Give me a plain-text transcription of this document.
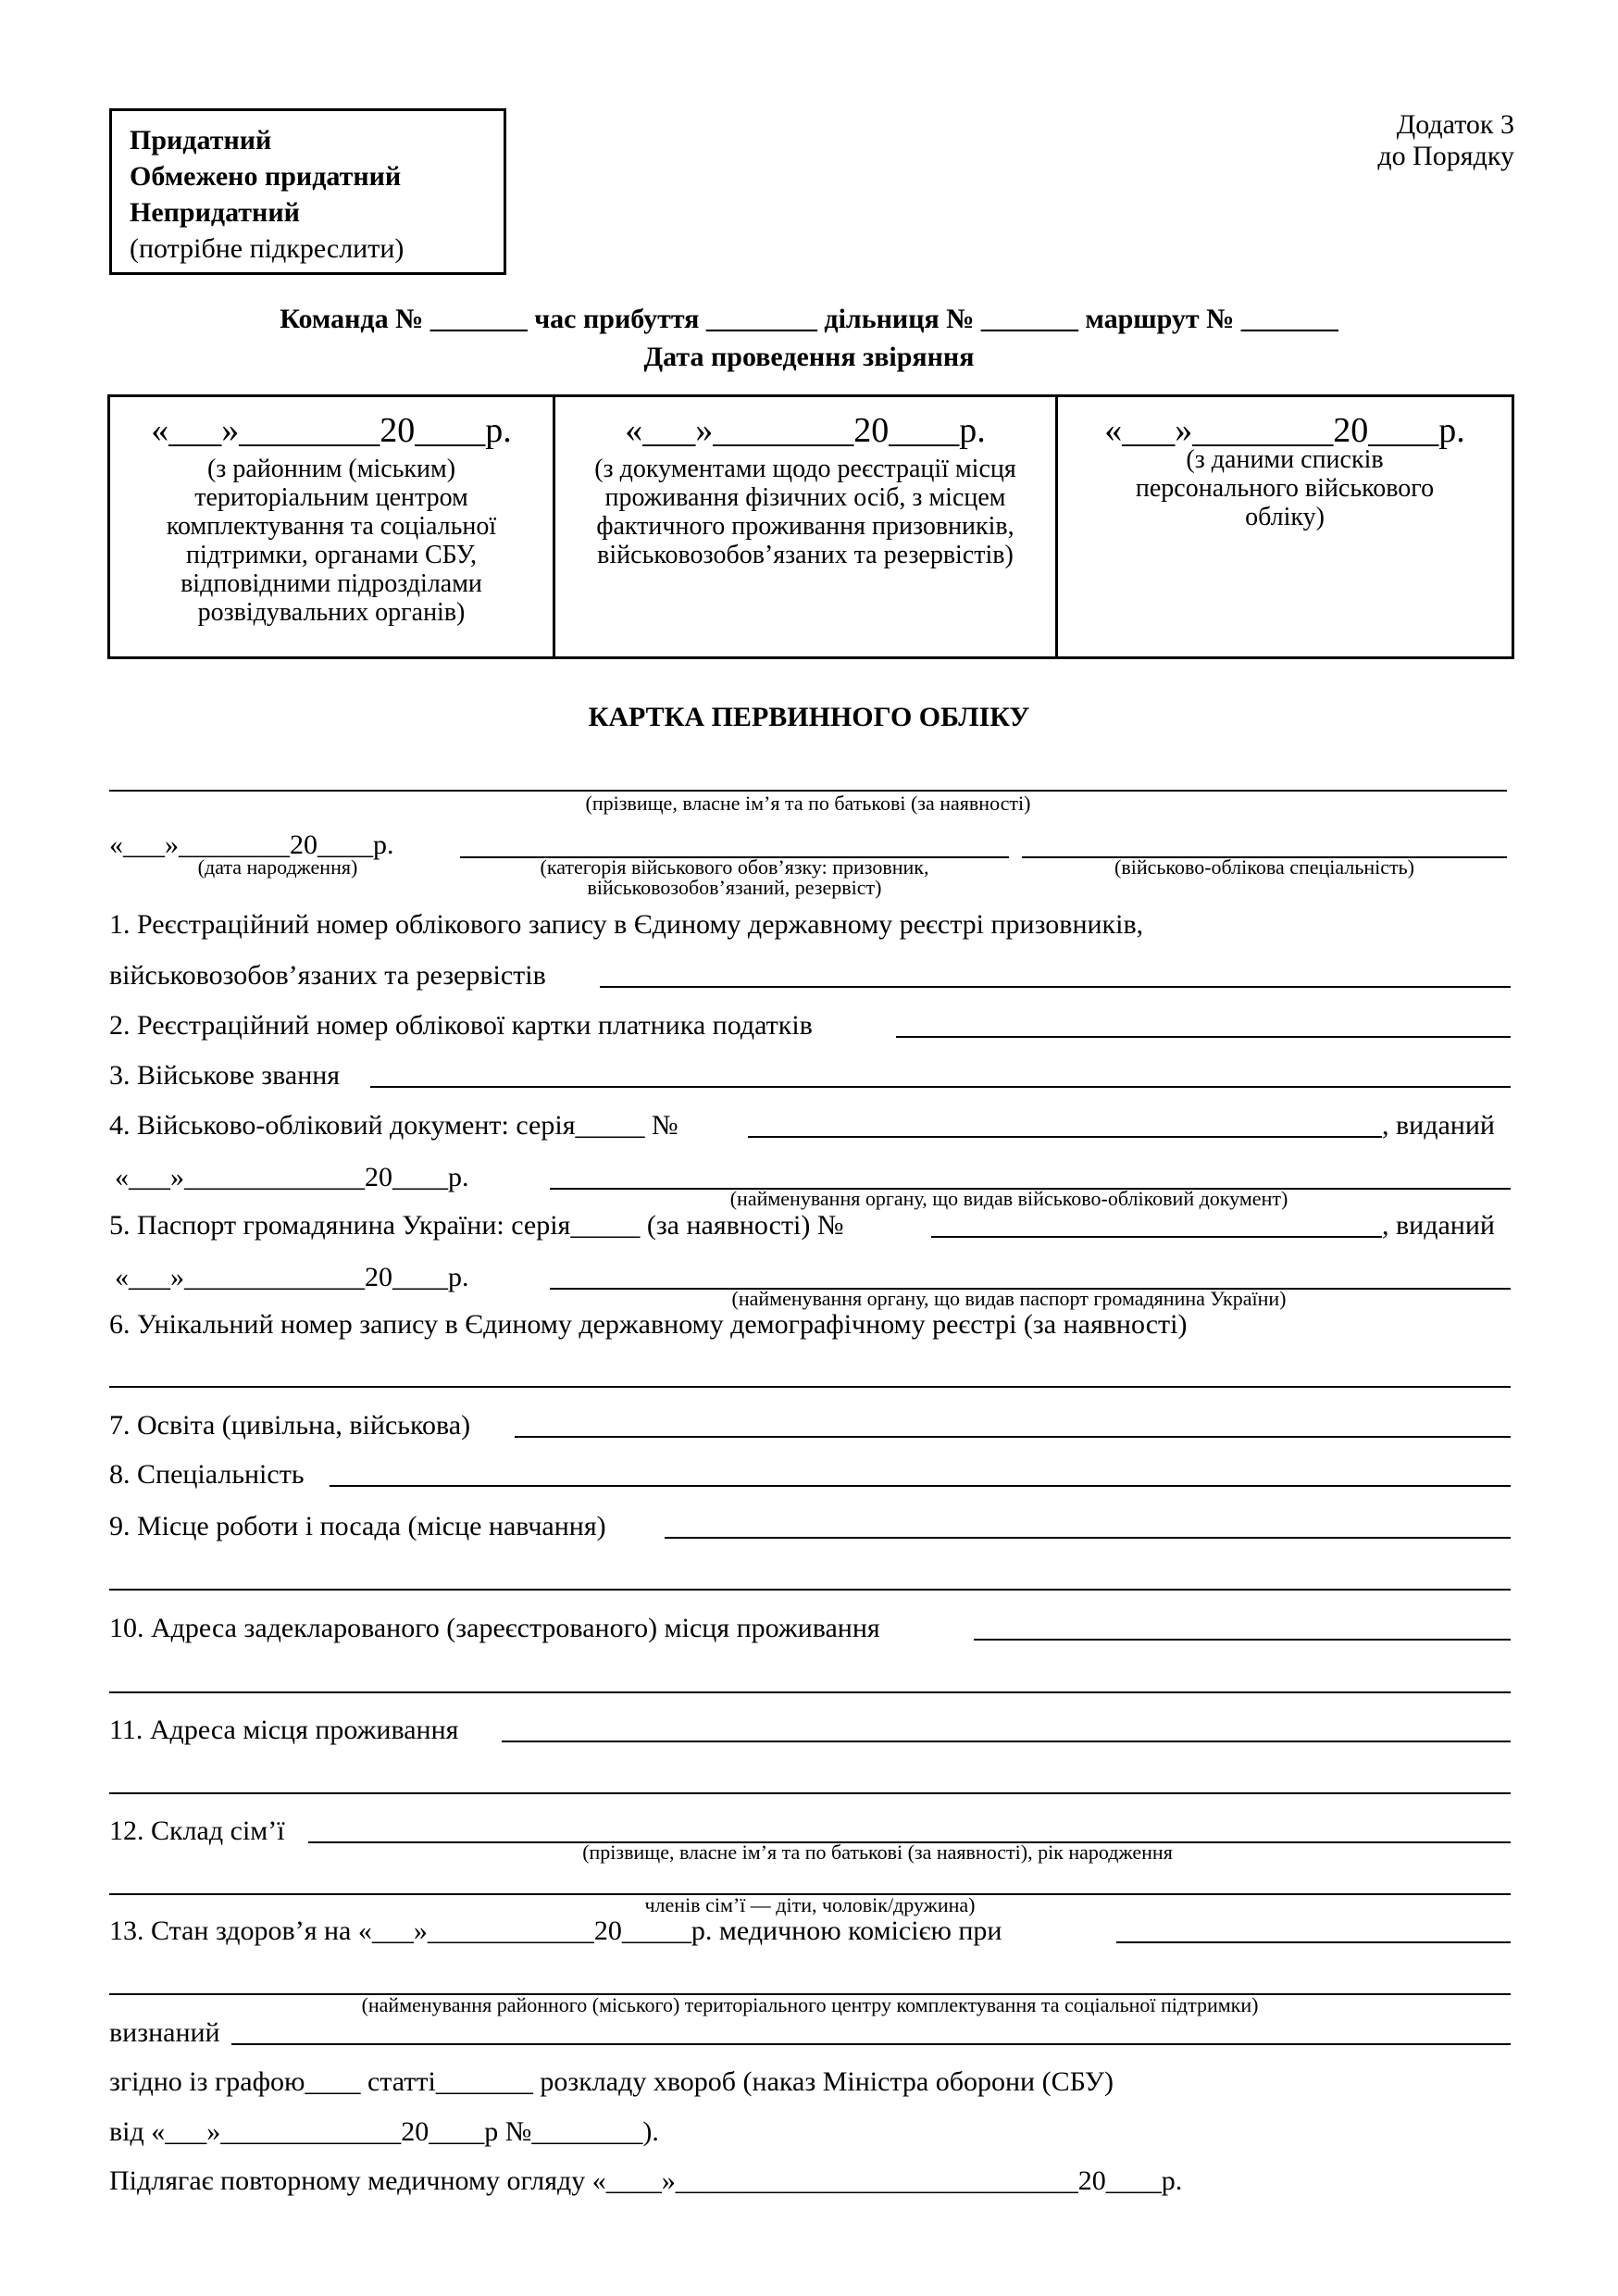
Додаток 3
до Порядку
Придатний
Обмежено придатний
Непридатний
(потрібне підкреслити)
Команда № _______ час прибуття ________ дільниця № _______ маршрут № _______
Дата проведення звіряння
«___»________20____р.
(з районним (міським) територіальним центром комплектування та соціальної підтримки, органами СБУ, відповідними підрозділами розвідувальних органів)
«___»________20____р.
(з документами щодо реєстрації місця проживання фізичних осіб, з місцем фактичного проживання призовників, військовозобов’язаних та резервістів)
«___»________20____р.
(з даними списків персонального військового обліку)
КАРТКА ПЕРВИННОГО ОБЛІКУ
(прізвище, власне ім’я та по батькові (за наявності)
«___»________20____р.
(дата народження)	(категорія військового обов’язку: призовник,
військовозобов’язаний, резервіст)
(військово-облікова спеціальність)
1. Реєстраційний номер облікового запису в Єдиному державному реєстрі призовників,
військовозобов’язаних та резервістів
2. Реєстраційний номер облікової картки платника податків
3. Військове звання
4. Військово-обліковий документ: серія_____ №	, виданий
«___»_____________20____р.
(найменування органу, що видав військово-обліковий документ)
5. Паспорт громадянина України: серія_____ (за наявності) №	, виданий
«___»_____________20____р.
(найменування органу, що видав паспорт громадянина України)
6. Унікальний номер запису в Єдиному державному демографічному реєстрі (за наявності)
7. Освіта (цивільна, військова)
8. Спеціальність
9. Місце роботи і посада (місце навчання)
10. Адреса задекларованого (зареєстрованого) місця проживання
11. Адреса місця проживання
12. Склад сім’ї
(прізвище, власне ім’я та по батькові (за наявності), рік народження
членів сім’ї — діти, чоловік/дружина)
13. Стан здоров’я на «___»____________20_____р. медичною комісією при
(найменування районного (міського) територіального центру комплектування та соціальної підтримки)
визнаний
згідно із графою____ статті_______ розкладу хвороб (наказ Міністра оборони (СБУ)
від «___»_____________20____р №________).
Підлягає повторному медичному огляду «____»_____________________________20____р.
